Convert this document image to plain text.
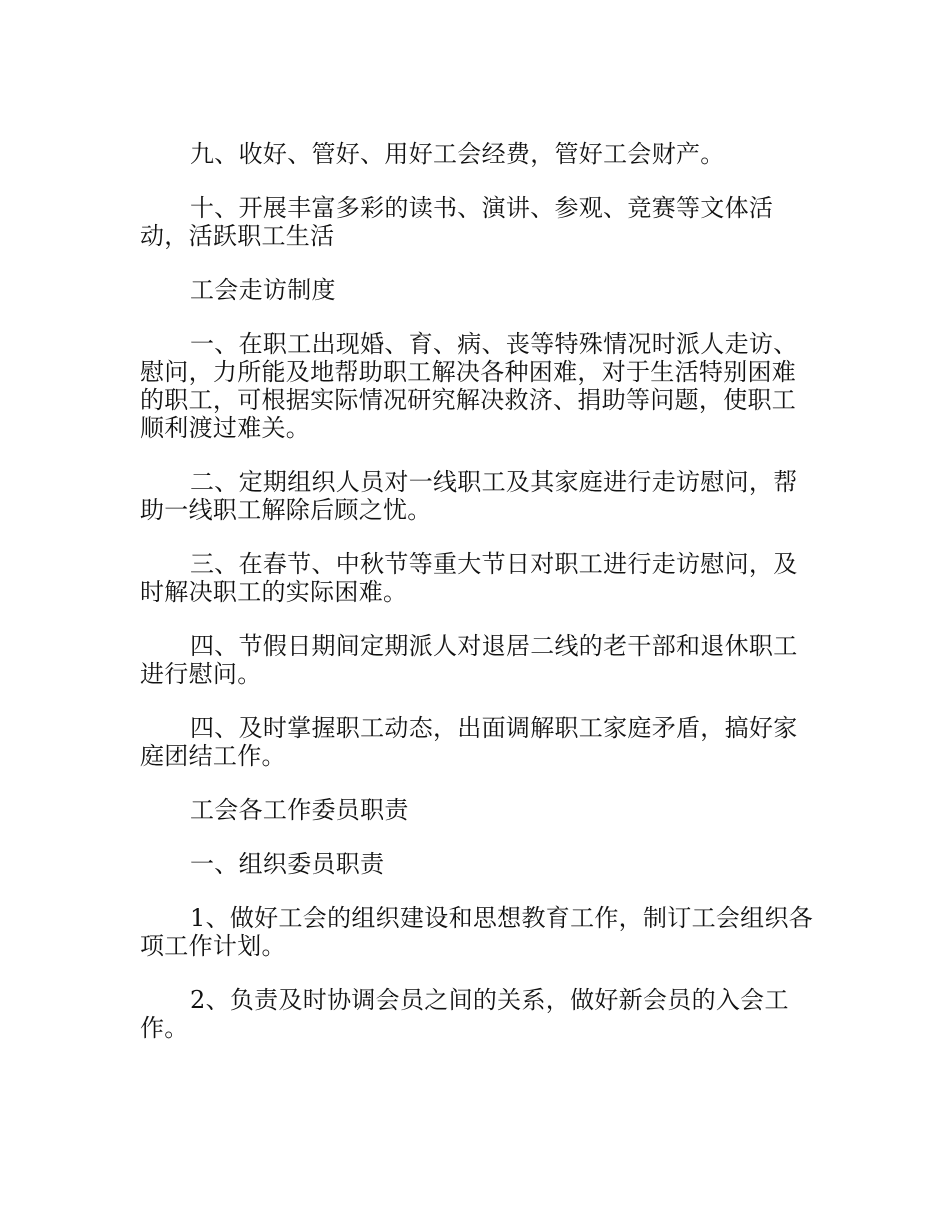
九、收好、管好、用好工会经费，管好工会财产。

十、开展丰富多彩的读书、演讲、参观、竞赛等文体活动，活跃职工生活

工会走访制度

一、在职工出现婚、育、病、丧等特殊情况时派人走访、慰问，力所能及地帮助职工解决各种困难，对于生活特别困难的职工，可根据实际情况研究解决救济、捐助等问题，使职工顺利渡过难关。

二、定期组织人员对一线职工及其家庭进行走访慰问，帮助一线职工解除后顾之忧。

三、在春节、中秋节等重大节日对职工进行走访慰问，及时解决职工的实际困难。

四、节假日期间定期派人对退居二线的老干部和退休职工进行慰问。

四、及时掌握职工动态，出面调解职工家庭矛盾，搞好家庭团结工作。

工会各工作委员职责

一、组织委员职责

1、做好工会的组织建设和思想教育工作，制订工会组织各项工作计划。

2、负责及时协调会员之间的关系，做好新会员的入会工作。
